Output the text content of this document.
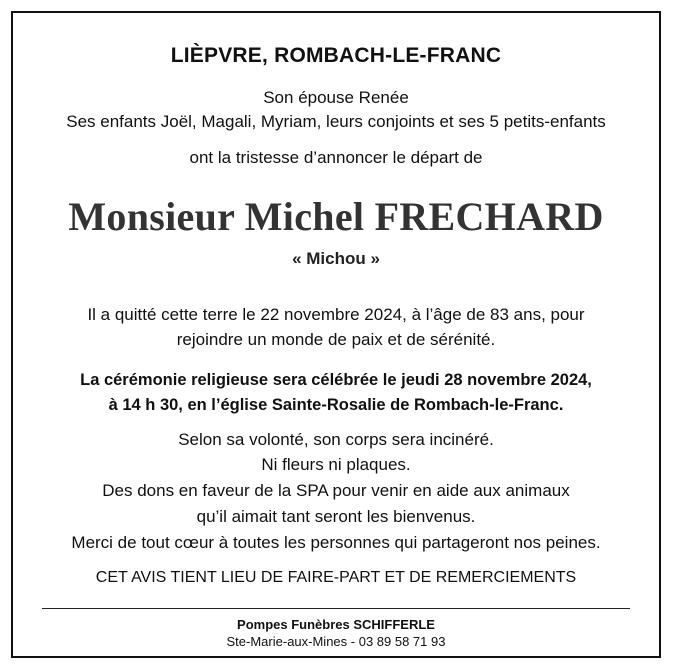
LIÈPVRE, ROMBACH-LE-FRANC
Son épouse Renée
Ses enfants Joël, Magali, Myriam, leurs conjoints et ses 5 petits-enfants
ont la tristesse d’annoncer le départ de
Monsieur Michel FRECHARD
« Michou »
Il a quitté cette terre le 22 novembre 2024, à l’âge de 83 ans, pour
rejoindre un monde de paix et de sérénité.
La cérémonie religieuse sera célébrée le jeudi 28 novembre 2024,
à 14 h 30, en l’église Sainte-Rosalie de Rombach-le-Franc.
Selon sa volonté, son corps sera incinéré.
Ni fleurs ni plaques.
Des dons en faveur de la SPA pour venir en aide aux animaux
qu’il aimait tant seront les bienvenus.
Merci de tout cœur à toutes les personnes qui partageront nos peines.
CET AVIS TIENT LIEU DE FAIRE-PART ET DE REMERCIEMENTS
Pompes Funèbres SCHIFFERLE
Ste-Marie-aux-Mines - 03 89 58 71 93
